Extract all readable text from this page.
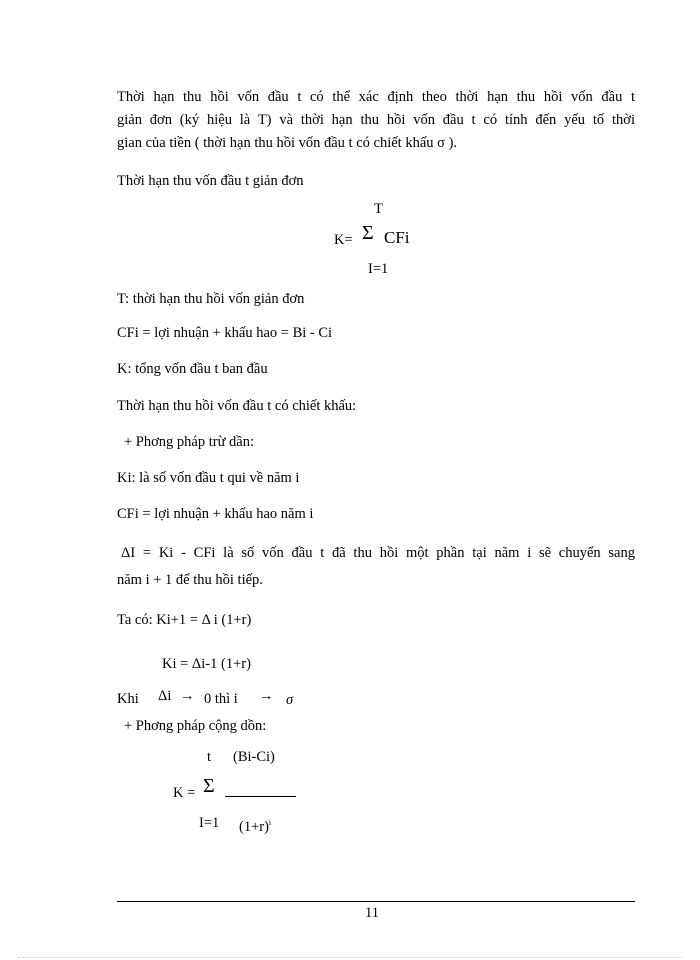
Thời hạn thu hồi vốn đầu t có thể xác định theo thời hạn thu hồi vốn đầu t
giản đơn (ký hiệu là T) và thời hạn thu hồi vốn đầu t có tính đến yếu tố thời
gian của tiền ( thời hạn thu hồi vốn đầu t có chiết khấu σ ).
Thời hạn thu vốn đầu t giản đơn
T
K= Σ CFi
I=1
T: thời hạn thu hồi vốn giản đơn
CFi = lợi nhuận + khấu hao = Bi - Ci
K: tổng vốn đầu t ban đầu
Thời hạn thu hồi vốn đầu t có chiết khấu:
+ Phơng pháp trừ dần:
Ki: là số vốn đầu t qui về năm i
CFi = lợi nhuận + khấu hao năm i
ΔI = Ki - CFi là số vốn đầu t đã thu hồi một phần tại năm i sẽ chuyển sang
năm i + 1 để thu hồi tiếp.
Ta có: Ki+1 = Δ i (1+r)
Ki = Δi-1 (1+r)
Khi Δi → 0 thì i → σ
+ Phơng pháp cộng dồn:
t (Bi-Ci)
K = Σ
I=1 $(1+r)^i$
11
